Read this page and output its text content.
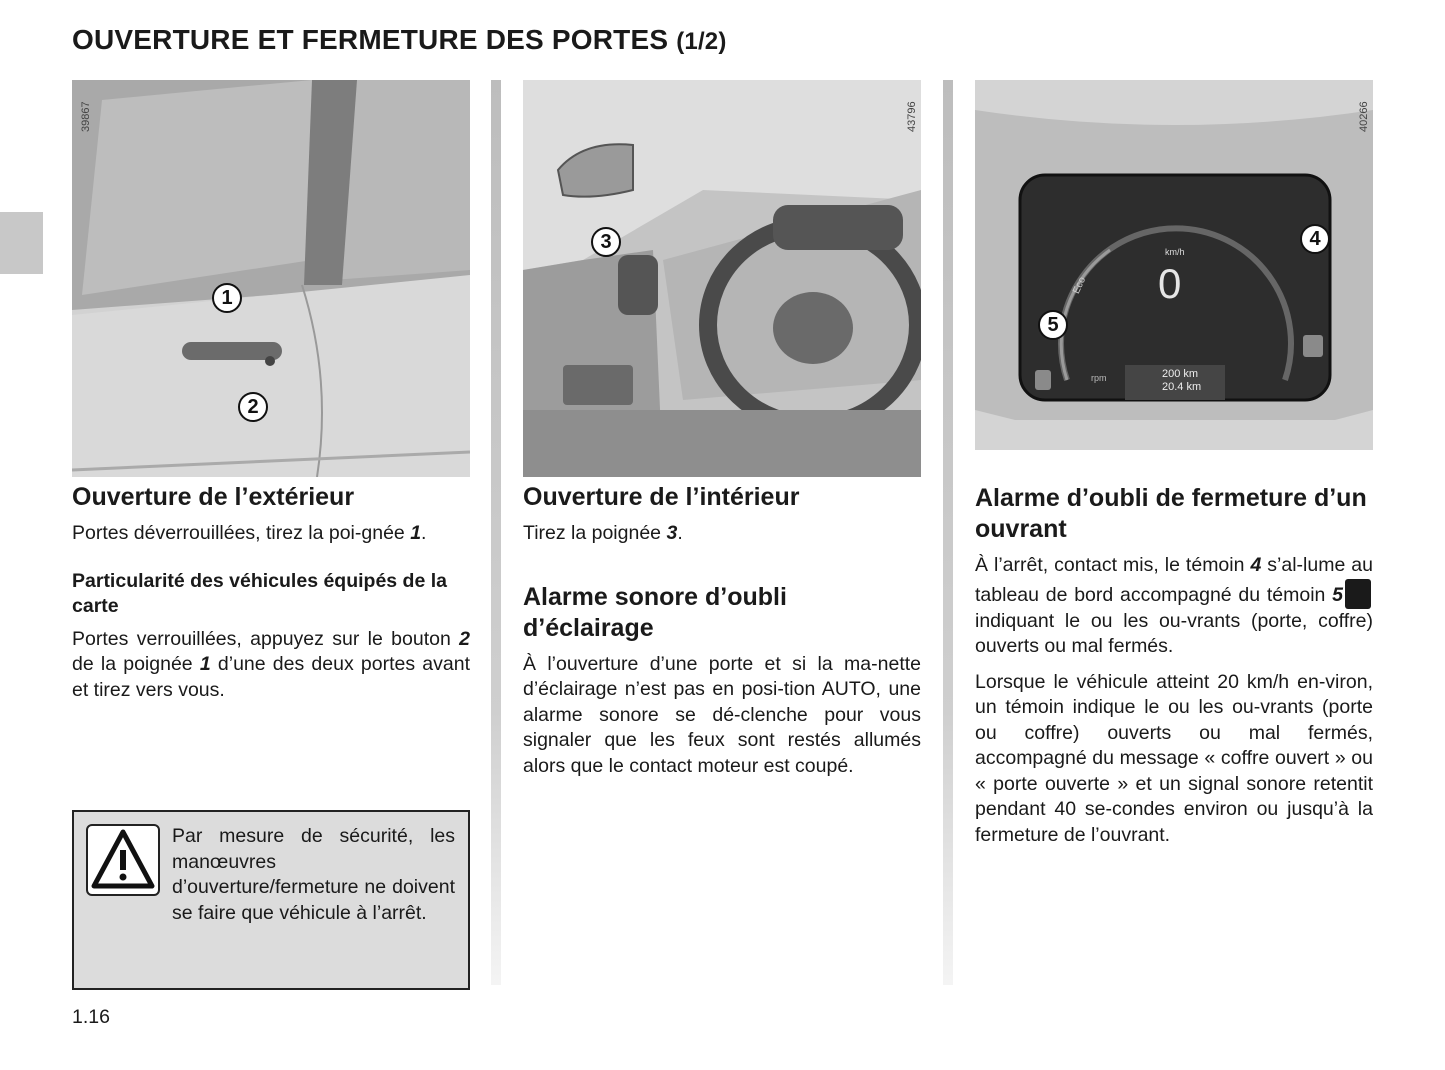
OUVERTURE ET FERMETURE DES PORTES (1/2)
39867
1
2
Ouverture de l’extérieur

Portes déverrouillées, tirez la poi-gnée 1.

Particularité des véhicules équipés de la carte

Portes verrouillées, appuyez sur le bouton 2 de la poignée 1 d’une des deux portes avant et tirez vers vous.

Par mesure de sécurité, les manœuvres d’ouverture/fermeture ne doivent se faire que véhicule à l’arrêt.
43796
3
Ouverture de l’intérieur

Tirez la poignée 3.

Alarme sonore d’oubli d’éclairage

À l’ouverture d’une porte et si la ma-nette d’éclairage n’est pas en posi-tion AUTO, une alarme sonore se dé-clenche pour vous signaler que les feux sont restés allumés alors que le contact moteur est coupé.

km/h
0
Eco
rpm	200 km
20.4 km
40266
4
5
Alarme d’oubli de fermeture d’un ouvrant

À l’arrêt, contact mis, le témoin 4 s’al-lume au tableau de bord accompagné du témoin 5 indiquant le ou les ou-vrants (porte, coffre) ouverts ou mal fermés.

Lorsque le véhicule atteint 20 km/h en-viron, un témoin indique le ou les ou-vrants (porte ou coffre) ouverts ou mal fermés, accompagné du message « coffre ouvert » ou « porte ouverte » et un signal sonore retentit pendant 40 se-condes environ ou jusqu’à la fermeture de l’ouvrant.

1.16
